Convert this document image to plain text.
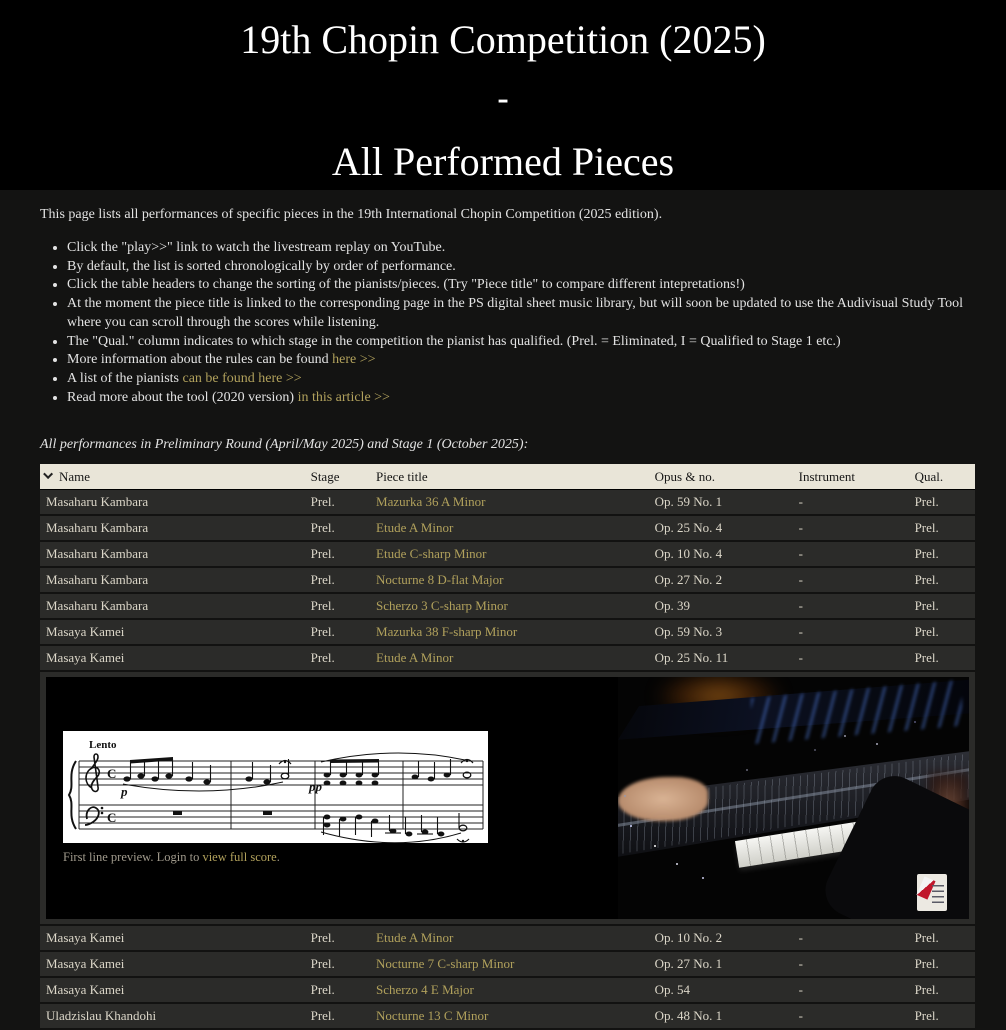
19th Chopin Competition (2025)
-
All Performed Pieces

This page lists all performances of specific pieces in the 19th International Chopin Competition (2025 edition).

• Click the "play>>" link to watch the livestream replay on YouTube.
• By default, the list is sorted chronologically by order of performance.
• Click the table headers to change the sorting of the pianists/pieces. (Try "Piece title" to compare different intepretations!)
• At the moment the piece title is linked to the corresponding page in the PS digital sheet music library, but will soon be updated to use the Audivisual Study Tool where you can scroll through the scores while listening.
• The "Qual." column indicates to which stage in the competition the pianist has qualified. (Prel. = Eliminated, I = Qualified to Stage 1 etc.)
• More information about the rules can be found here >>
• A list of the pianists can be found here >>
• Read more about the tool (2020 version) in this article >>

All performances in Preliminary Round (April/May 2025) and Stage 1 (October 2025):

Name	Stage	Piece title	Opus & no.	Instrument	Qual.
Masaharu Kambara	Prel.	Mazurka 36 A Minor	Op. 59 No. 1	-	Prel.
Masaharu Kambara	Prel.	Etude A Minor	Op. 25 No. 4	-	Prel.
Masaharu Kambara	Prel.	Etude C-sharp Minor	Op. 10 No. 4	-	Prel.
Masaharu Kambara	Prel.	Nocturne 8 D-flat Major	Op. 27 No. 2	-	Prel.
Masaharu Kambara	Prel.	Scherzo 3 C-sharp Minor	Op. 39	-	Prel.
Masaya Kamei	Prel.	Mazurka 38 F-sharp Minor	Op. 59 No. 3	-	Prel.
Masaya Kamei	Prel.	Etude A Minor	Op. 25 No. 11	-	Prel.

Lento
C
C
p	pp
First line preview. Login to view full score.

Masaya Kamei	Prel.	Etude A Minor	Op. 10 No. 2	-	Prel.
Masaya Kamei	Prel.	Nocturne 7 C-sharp Minor	Op. 27 No. 1	-	Prel.
Masaya Kamei	Prel.	Scherzo 4 E Major	Op. 54	-	Prel.
Uladzislau Khandohi	Prel.	Nocturne 13 C Minor	Op. 48 No. 1	-	Prel.
